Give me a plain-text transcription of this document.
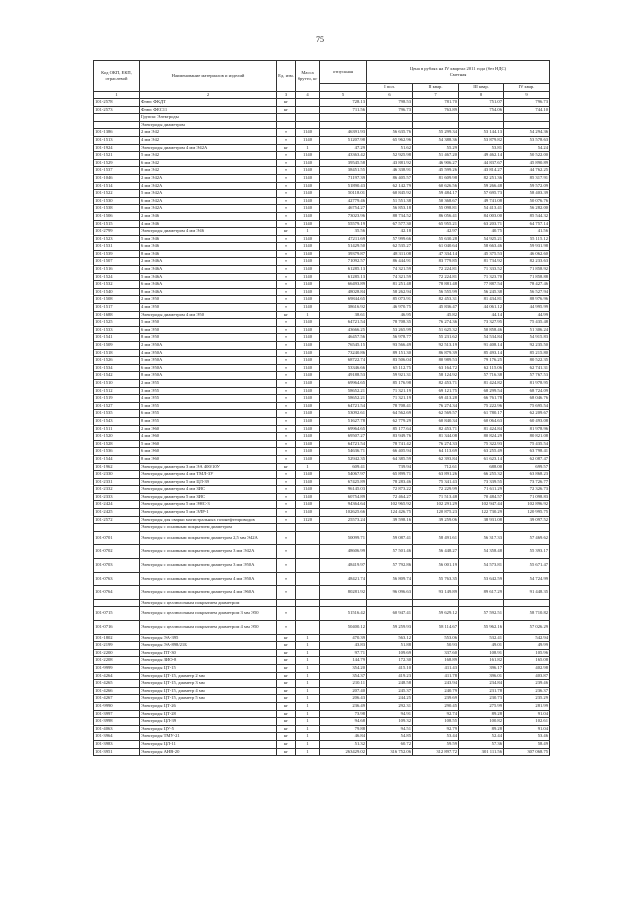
75
Код ОКП, ЕКП, отраслевой	Наименование материалов и изделий	Ед. изм.	Масса брутто, кг	отпускная	Цена в рублях на IV квартал 2011 года (без НДС)
Сметная			
					I пол.	II квар.	III квар.	IV квар.
1	2	3	4	5	6	7	8	9
101-2578	Флюс ФКДТ	кг		728.13	798.53	781.70	751.07	796.73
101-2573	Флюс ФЕС11	кг		711.56	796.73	763.89	754.06	744.10
	Группа: Электроды							
	Электроды диаметром							
101-1386	2 мм Э42	т	1140	46391.93	56 635.76	55 299.34	53 144.13	54 294.36
101-1513	4 мм Э42	т	1140	51207.98	65 962.96	54 388.36	53 879.82	53 578.63
101-1924	Электроды диаметром 4 мм Э42А	кг	1	47.29	51.62	55.29	53.81	54.24
101-1521	5 мм Э42	т	1140	43363.42	52 925.98	51 467.20	49 462.14	50 522.00
101-1529	6 мм Э42	т	1140	39545.58	43 881.92	46 906.27	44 837.67	45 890.89
101-1537	8 мм Э42	т	1140	38451.55	46 338.91	45 599.26	43 814.27	44 762.25
101-1046	2 мм Э42А	т	1140	71197.39	86 405.57	81 609.98	82 251.36	85 317.91
101-1514	4 мм Э42А	т	1140	51890.43	62 142.79	60 626.56	59 266.48	59 572.09
101-1522	5 мм Э42А	т	1140	50118.01	60 845.92	59 484.17	57 695.73	58 403.39
101-1530	6 мм Э42А	т	1140	42779.46	51 551.38	50 368.67	49 741.08	50 076.76
101-1538	8 мм Э42А	т	1140	46754.27	56 853.18	55 098.81	54 413.41	56 282.00
101-1506	2 мм Э46	т	1140	73023.96	88 734.52	86 056.41	84 003.00	85 544.32
101-1515	4 мм Э46	т	1140	55579.19	67 577.30	65 955.21	63 203.71	64 757.14
101-2799	Электроды диаметром 4 мм Э46	кг	1	35.56	42.18	42.97	40.75	41.56
101-1523	5 мм Э46	т	1140	47211.69	57 999.66	55 630.28	54 925.21	55 115.12
101-1531	6 мм Э46	т	1140	51429.50	62 535.27	61 040.64	58 663.46	59 931.98
101-1539	8 мм Э46	т	1140	39379.87	48 311.08	47 334.14	45 375.53	46 062.60
101-1507	2 мм Э46А	т	1140	71092.57	86 444.91	83 779.85	81 734.92	82 233.63
101-1516	4 мм Э46А	т	1140	61285.13	74 321.59	72 224.81	71 333.52	71 858.92
101-1524	5 мм Э46А	т	1140	61285.13	74 321.59	72 224.81	71 323.70	71 858.88
101-1532	6 мм Э46А	т	1140	66493.89	81 251.48	78 881.48	77 887.54	78 427.46
101-1540	8 мм Э46А	т	1140	48028.84	58 262.94	56 555.99	56 245.38	56 527.94
101-1508	2 мм Э50	т	1140	69844.65	85 073.91	82 453.31	81 434.81	88 976.96
101-1517	4 мм Э50	т	1140	38616.92	46 970.75	45 836.47	44 061.12	44 995.99
101-1688	Электроды диаметром 4 мм Э50	кг	1	38.61	46.95	45.82	44.14	44.99
101-1525	5 мм Э50	т	1140	64721.54	78 708.35	76 274.36	73 327.95	75 435.48
101-1533	6 мм Э50	т	1140	43666.25	53 265.99	51 625.32	50 858.46	51 306.24
101-1541	8 мм Э50	т	1140	46457.56	56 978.77	55 231.62	54 534.84	54 915.83
101-1509	2 мм Э50А	т	1140	76545.15	93 566.49	92 513.19	91 408.14	92 235.50
101-1518	4 мм Э50А	т	1140	73240.86	89 151.30	86 879.39	85 493.14	85 215.80
101-1526	5 мм Э50А	т	1140	68722.74	83 506.04	80 989.53	79 176.25	80 522.35
101-1534	6 мм Э50А	т	1140	53346.66	65 112.75	63 164.72	62 115.06	62 741.31
101-1542	8 мм Э50А	т	1140	49188.53	59 921.31	58 124.92	57 716.38	57 767.53
101-1510	2 мм Э55	т	1140	69964.65	85 176.98	82 453.71	81 424.82	81 978.95
101-1512	3 мм Э55	т	1140	58652.21	71 321.19	69 121.75	68 299.54	68 724.09
101-1519	4 мм Э55	т	1140	58652.21	71 321.19	69 413.28	66 761.78	68 046.76
101-1527	5 мм Э55	т	1140	64721.54	78 708.41	76 274.34	75 222.96	75 695.54
101-1535	6 мм Э55	т	1140	53092.61	64 562.69	62 569.57	61 780.17	62 209.67
101-1543	8 мм Э55	т	1140	51627.78	62 779.29	60 840.34	60 064.63	60 493.08
101-1511	2 мм Э60	т	1140	69964.65	85 177.64	82 453.71	81 424.84	81 978.96
101-1520	4 мм Э60	т	1140	69507.27	83 949.76	81 344.08	80 824.29	80 821.08
101-1528	5 мм Э60	т	1140	64721.54	78 741.42	76 274.33	75 322.93	75 435.54
101-1536	6 мм Э60	т	1140	54636.71	66 405.94	64 113.69	63 255.49	63 798.41
101-1544	8 мм Э60	т	1140	52942.35	64 385.59	62 393.84	61 623.14	62 087.47
101-1962	Электроды диаметром 3 мм ЭА 400/10У	кг	1	609.41	739.94	712.61	688.00	699.57
101-2330	Электроды диаметром 4 мм ТМЛ-3У	т	1140	54067.97	65 899.71	63 891.26	66 255.32	63 868.23
101-2331	Электроды диаметром 5 мм ЦЛ-39	т	1140	67425.89	78 283.46	75 341.43	73 339.55	73 726.77
101-2332	Электроды диаметром 4 мм ЗИС	т	1140	96145.03	72 873.22	72 229.99	71 611.29	72 326.73
101-2333	Электроды диаметром 5 мм ЗИС	т	1140	60754.89	72 464.27	71 513.48	70 484.57	71 098.83
101-2424	Электроды диаметром 5 мм ЭНС-3	т	1140	94364.64	102 965.92	102 291.29	102 947.44	102 896.92
101-2425	Электроды диаметром 5 мм ЭЛР-1	т	1140	102625.66	124 426.75	120 875.23	122 730.29	120 995.75
101-2572	Электроды для сварки магистральных газонефтепроводов	т	1120	25573.24	39 598.16	39 259.06	38 931.08	39 097.52
	Электроды с основным покрытием диаметром							
101-0701	Электроды с основным покрытием диаметром 2,5 мм Э42А	т		50099.71	59 087.41	58 491.61	56 317.33	57 469.62
101-0702	Электроды с основным покрытием диаметром 3 мм Э42А	т		48606.99	57 501.46	56 448.27	54 358.48	55 393.17
101-0703	Электроды с основным покрытием диаметром 3 мм Э50А	т		48419.97	57 792.86	56 001.19	54 573.81	55 671.47
101-0763	Электроды с основным покрытием диаметром 4 мм Э50А	т		48421.74	56 809.74	55 763.35	53 642.59	54 724.99
101-0764	Электроды с основным покрытием диаметром 4 мм Э60А	т		80281.92	96 096.63	93 149.89	89 617.29	91 448.35
	Электроды с целлюлозным покрытием диаметром							
101-0715	Электроды с целлюлозным покрытием диаметром 3 мм Э50	т		51516.42	60 947.41	59 629.12	57 592.51	58 710.82
101-0716	Электроды с целлюлозным покрытием диаметром 4 мм Э50	т		50400.12	59 259.93	58 114.67	55 962.16	57 026.29
101-1802	Электроды ЭА-395	кг	1	470.39	563.12	553.06	532.41	542.94
101-2199	Электроды ЭА-898/21Б	кг	1	43.83	51.88	50.93	49.01	49.99
101-2200	Электроды ПТ-30	кг	1	97.71	109.69	337.60	108.91	105.96
101-2208	Электроды ЗИО-8	кг	1	144.79	172.30	168.89	161.82	165.08
101-9999	Электроды ЦТ-15	кг	1	354.20	415.10	411.43	396.17	402.98
101-4264	Электроды ЦТ-15, диаметр 2 мм	кг	1	354.37	419.23	411.78	396.01	403.87
101-4265	Электроды ЦТ-15, диаметр 3 мм	кг	1	210.11	248.58	243.94	234.84	239.46
101-4266	Электроды ЦТ-15, диаметр 4 мм	кг	1	207.40	245.37	240.79	231.78	236.37
101-4267	Электроды ЦТ-15, диаметр 5 мм	кг	1	206.43	244.25	239.69	230.73	235.29
101-9990	Электроды ЦТ-26	кг	1	236.49	292.31	290.45	275.99	281.99
101-3997	Электроды ЦТ-28	кг	1	73.98	94.91	92.74	89.28	91.04
101-3998	Электроды ЦЛ-39	кг	1	94.68	109.32	108.55	100.82	102.61
101-4063	Электроды ЦУ-5	кг	1	79.88	94.51	92.79	89.28	91.04
101-3964	Электроды ТМУ-21	кг	1	46.84	54.85	53.44	52.44	53.46
101-3983	Электроды ЦЛ-11	кг	1	51.32	60.72	59.59	57.36	58.49
101-3951	Электроды АНВ-20	кг	1	263429.02	316 752.06	312 897.72	301 111.56	307 068.75
